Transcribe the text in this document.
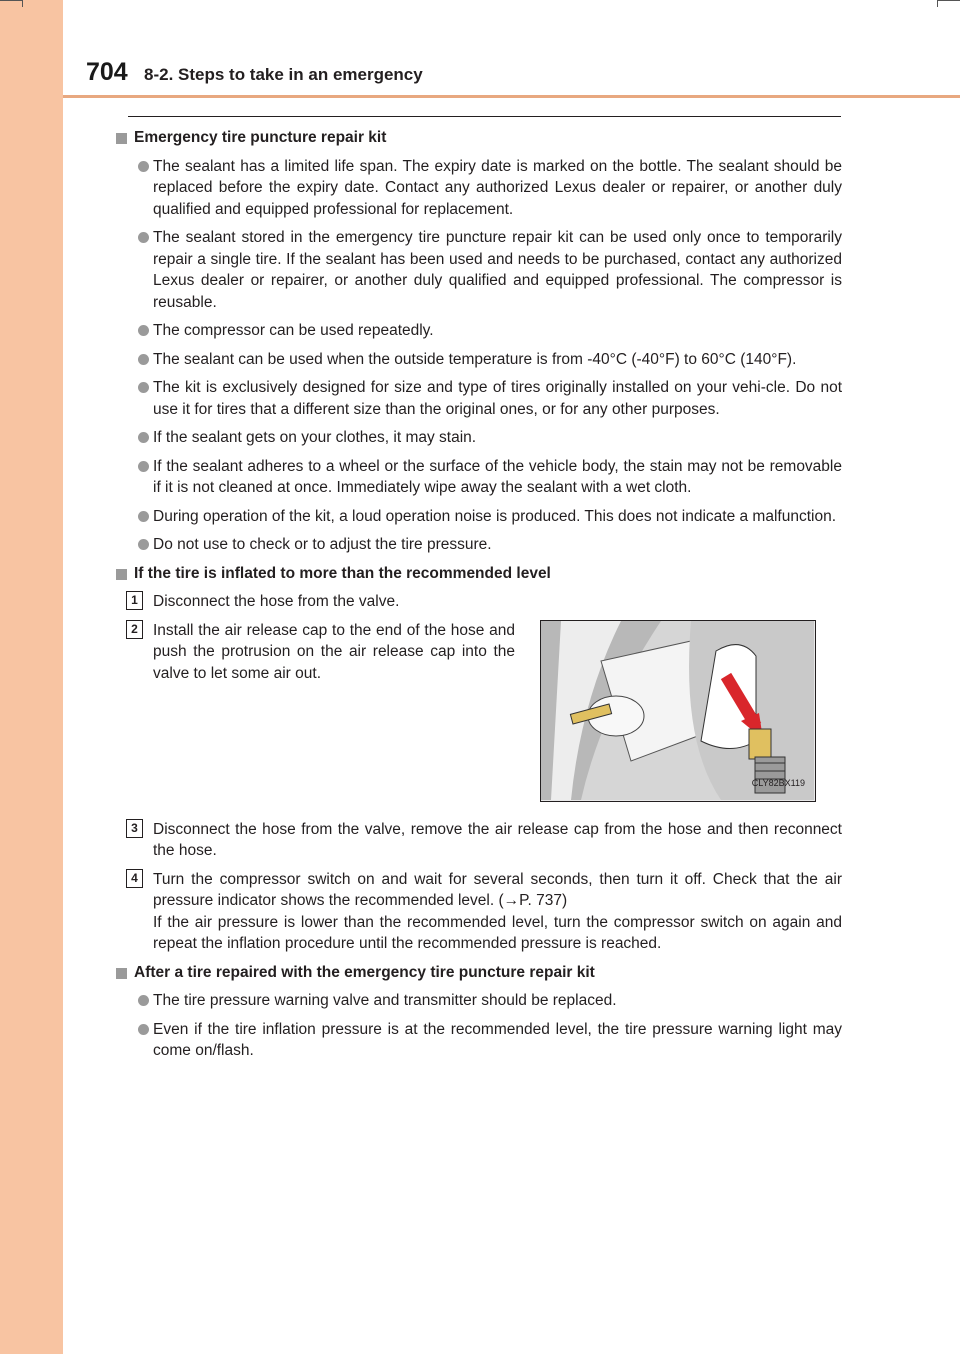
704 8-2. Steps to take in an emergency
Emergency tire puncture repair kit
The sealant has a limited life span. The expiry date is marked on the bottle. The sealant should be replaced before the expiry date. Contact any authorized Lexus dealer or repairer, or another duly qualified and equipped professional for replacement.
The sealant stored in the emergency tire puncture repair kit can be used only once to temporarily repair a single tire. If the sealant has been used and needs to be purchased, contact any authorized Lexus dealer or repairer, or another duly qualified and equipped professional. The compressor is reusable.
The compressor can be used repeatedly.
The sealant can be used when the outside temperature is from -40°C (-40°F) to 60°C (140°F).
The kit is exclusively designed for size and type of tires originally installed on your vehi-cle. Do not use it for tires that a different size than the original ones, or for any other purposes.
If the sealant gets on your clothes, it may stain.
If the sealant adheres to a wheel or the surface of the vehicle body, the stain may not be removable if it is not cleaned at once. Immediately wipe away the sealant with a wet cloth.
During operation of the kit, a loud operation noise is produced. This does not indicate a malfunction.
Do not use to check or to adjust the tire pressure.
If the tire is inflated to more than the recommended level
1 Disconnect the hose from the valve.
2 Install the air release cap to the end of the hose and push the protrusion on the air release cap into the valve to let some air out.
CLY82BX119
3 Disconnect the hose from the valve, remove the air release cap from the hose and then reconnect the hose.
4 Turn the compressor switch on and wait for several seconds, then turn it off. Check that the air pressure indicator shows the recommended level. (→P. 737)
If the air pressure is lower than the recommended level, turn the compressor switch on again and repeat the inflation procedure until the recommended pressure is reached.
After a tire repaired with the emergency tire puncture repair kit
The tire pressure warning valve and transmitter should be replaced.
Even if the tire inflation pressure is at the recommended level, the tire pressure warning light may come on/flash.
